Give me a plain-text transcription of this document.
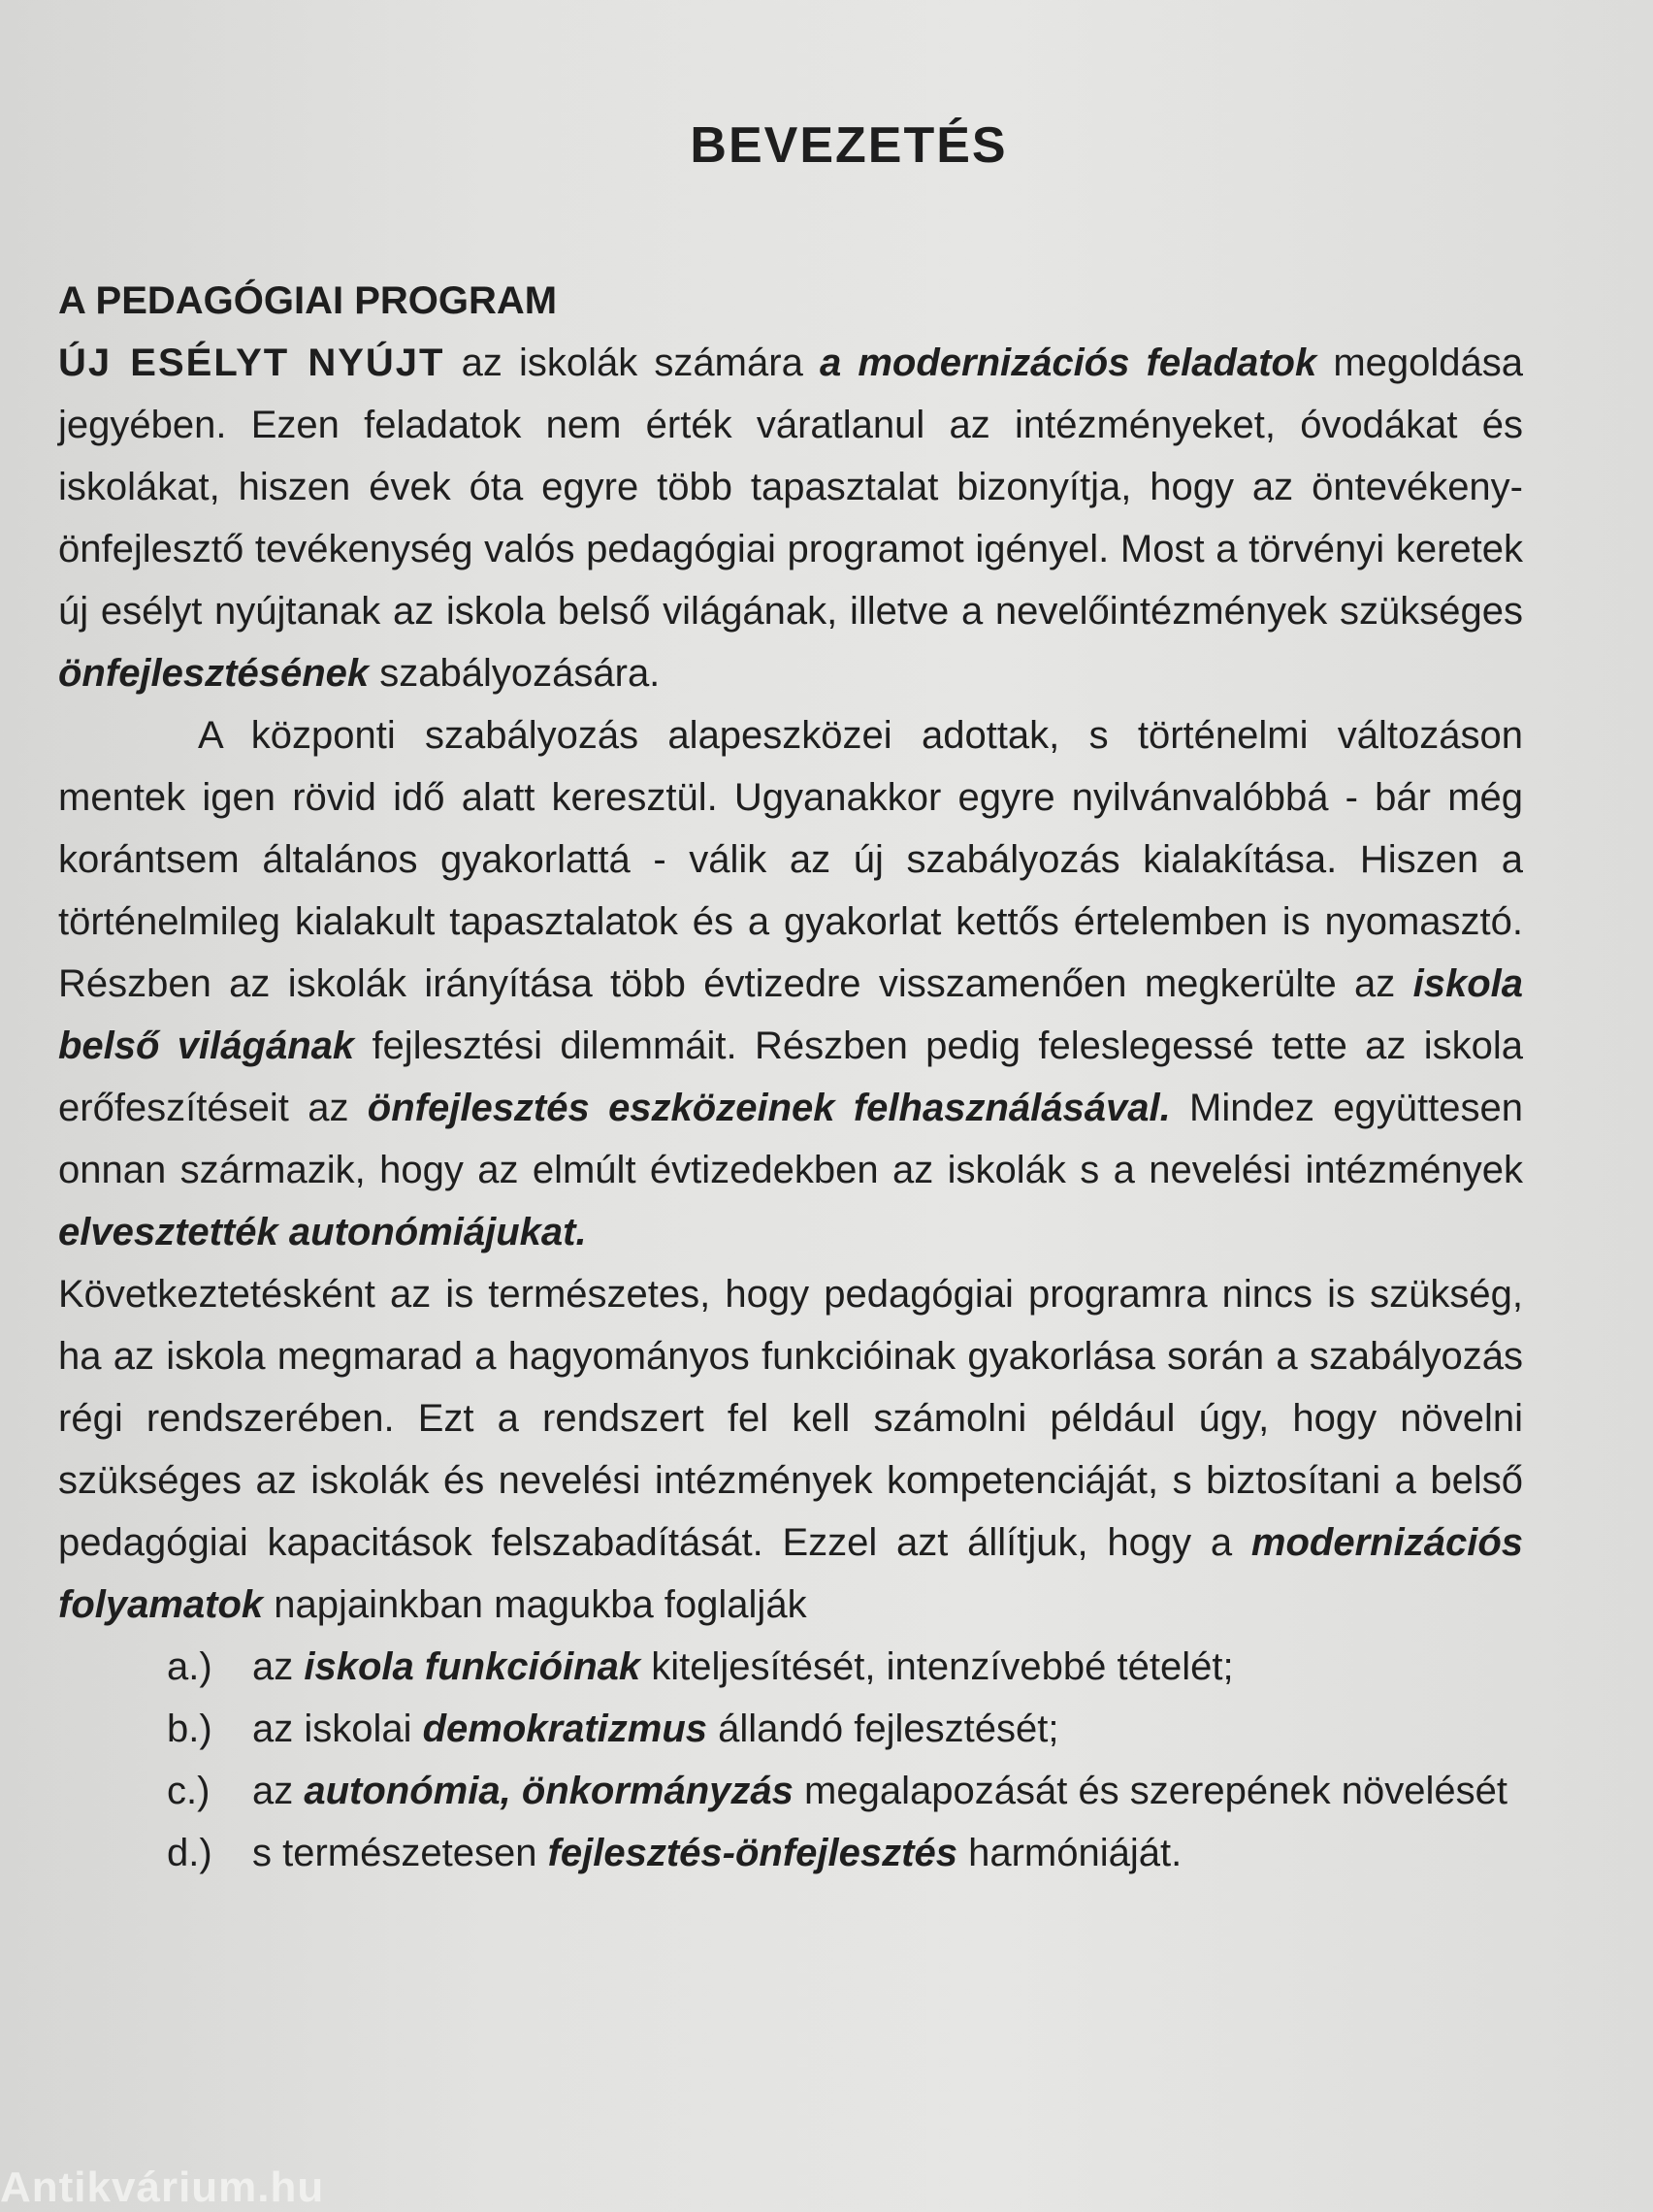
BEVEZETÉS

A PEDAGÓGIAI PROGRAM

ÚJ ESÉLYT NYÚJT az iskolák számára a modernizációs feladatok megoldása jegyében. Ezen feladatok nem érték váratlanul az intézményeket, óvodákat és iskolákat, hiszen évek óta egyre több tapasztalat bizonyítja, hogy az öntevékeny-önfejlesztő tevékenység valós pedagógiai programot igényel. Most a törvényi keretek új esélyt nyújtanak az iskola belső világának, illetve a nevelőintézmények szükséges önfejlesztésének szabályozására.

A központi szabályozás alapeszközei adottak, s történelmi változáson mentek igen rövid idő alatt keresztül. Ugyanakkor egyre nyilvánvalóbbá - bár még korántsem általános gyakorlattá - válik az új szabályozás kialakítása. Hiszen a történelmileg kialakult tapasztalatok és a gyakorlat kettős értelemben is nyomasztó. Részben az iskolák irányítása több évtizedre visszamenően megkerülte az iskola belső világának fejlesztési dilemmáit. Részben pedig feleslegessé tette az iskola erőfeszítéseit az önfejlesztés eszközeinek felhasználásával. Mindez együttesen onnan származik, hogy az elmúlt évtizedekben az iskolák s a nevelési intézmények elvesztették autonómiájukat.

Következtetésként az is természetes, hogy pedagógiai programra nincs is szükség, ha az iskola megmarad a hagyományos funkcióinak gyakorlása során a szabályozás régi rendszerében. Ezt a rendszert fel kell számolni például úgy, hogy növelni szükséges az iskolák és nevelési intézmények kompetenciáját, s biztosítani a belső pedagógiai kapacitások felszabadítását. Ezzel azt állítjuk, hogy a modernizációs folyamatok napjainkban magukba foglalják

a.) az iskola funkcióinak kiteljesítését, intenzívebbé tételét;
b.) az iskolai demokratizmus állandó fejlesztését;
c.) az autonómia, önkormányzás megalapozását és szerepének növelését
d.) s természetesen fejlesztés-önfejlesztés harmóniáját.
Antikvárium.hu
